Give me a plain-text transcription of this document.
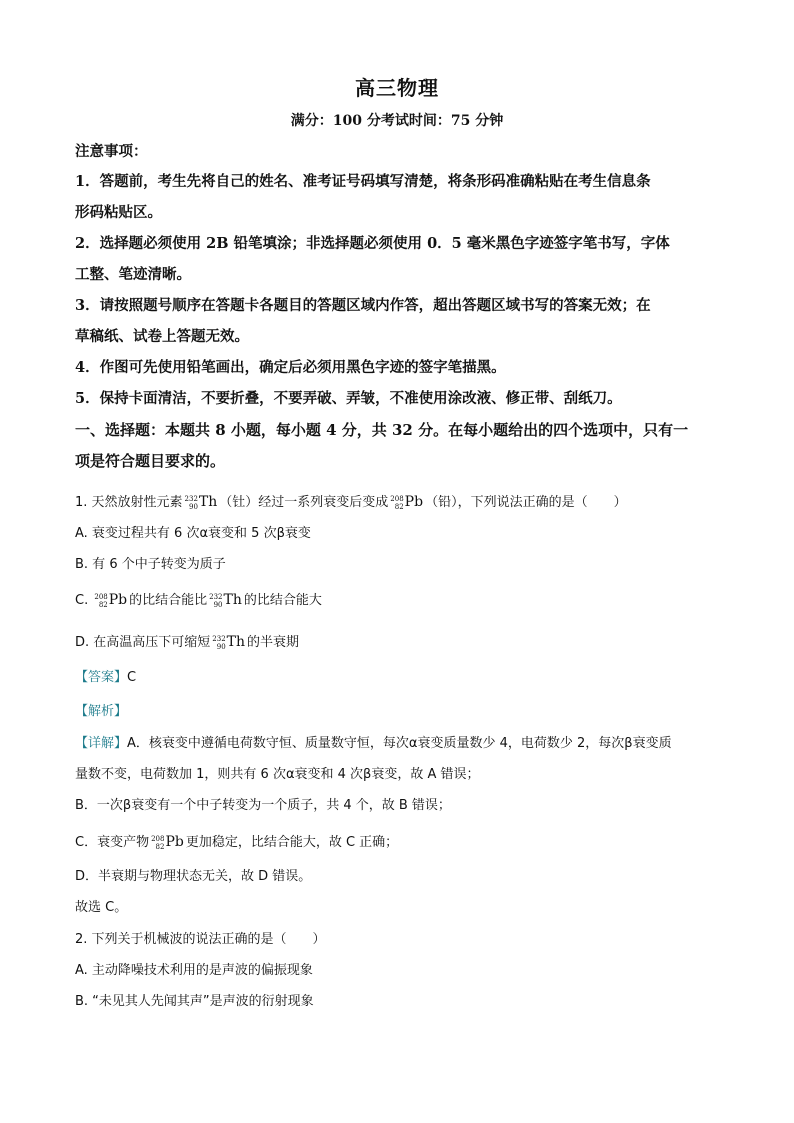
高三物理
满分：100 分考试时间：75 分钟
注意事项：
1．答题前，考生先将自己的姓名、准考证号码填写清楚，将条形码准确粘贴在考生信息条
形码粘贴区。
2．选择题必须使用 2B 铅笔填涂；非选择题必须使用 0．5 毫米黑色字迹签字笔书写，字体
工整、笔迹清晰。
3．请按照题号顺序在答题卡各题目的答题区域内作答，超出答题区域书写的答案无效；在
草稿纸、试卷上答题无效。
4．作图可先使用铅笔画出，确定后必须用黑色字迹的签字笔描黑。
5．保持卡面清洁，不要折叠，不要弄破、弄皱，不准使用涂改液、修正带、刮纸刀。
一、选择题：本题共 8 小题，每小题 4 分，共 32 分。在每小题给出的四个选项中，只有一
项是符合题目要求的。
1. 天然放射性元素 232
90 Th （钍）经过一系列衰变后变成 208
82 Pb （铅），下列说法正确的是（　　）
A. 衰变过程共有 6 次α衰变和 5 次β衰变
B. 有 6 个中子转变为质子
C. 208
82 Pb 的比结合能比 232
90 Th 的比结合能大
D. 在高温高压下可缩短 232
90 Th 的半衰期
【答案】C
【解析】
【详解】A．核衰变中遵循电荷数守恒、质量数守恒，每次α衰变质量数少 4，电荷数少 2，每次β衰变质
量数不变，电荷数加 1，则共有 6 次α衰变和 4 次β衰变，故 A 错误；
B．一次β衰变有一个中子转变为一个质子，共 4 个，故 B 错误；
C．衰变产物 208
82 Pb 更加稳定，比结合能大，故 C 正确；
D．半衰期与物理状态无关，故 D 错误。
故选 C。
2. 下列关于机械波的说法正确的是（　　）
A. 主动降噪技术利用的是声波的偏振现象
B. “未见其人先闻其声”是声波的衍射现象
